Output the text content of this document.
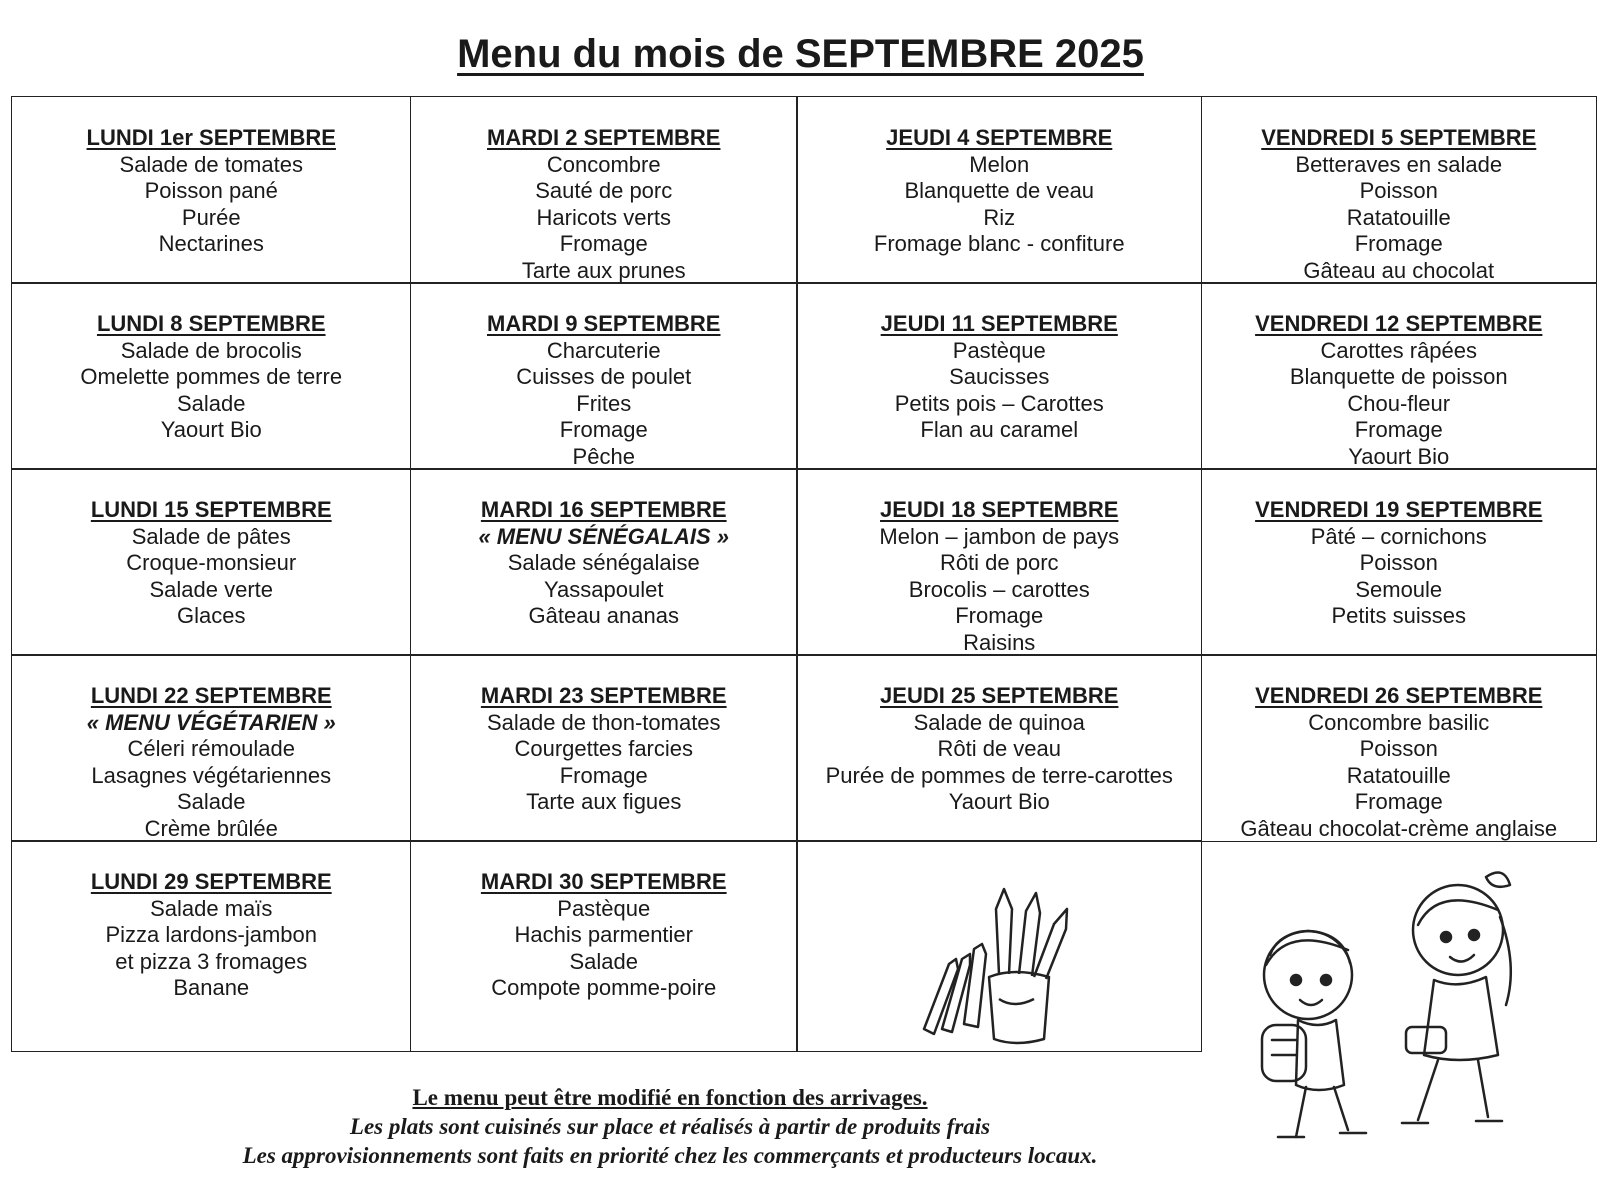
Menu du mois de SEPTEMBRE 2025
LUNDI 1er SEPTEMBRE
Salade de tomates
Poisson pané
Purée
Nectarines
MARDI 2 SEPTEMBRE
Concombre
Sauté de porc
Haricots verts
Fromage
Tarte aux prunes
JEUDI 4 SEPTEMBRE
Melon
Blanquette de veau
Riz
Fromage blanc - confiture
VENDREDI 5 SEPTEMBRE
Betteraves en salade
Poisson
Ratatouille
Fromage
Gâteau au chocolat
LUNDI 8 SEPTEMBRE
Salade de brocolis
Omelette pommes de terre
Salade
Yaourt Bio
MARDI 9 SEPTEMBRE
Charcuterie
Cuisses de poulet
Frites
Fromage
Pêche
JEUDI 11 SEPTEMBRE
Pastèque
Saucisses
Petits pois – Carottes
Flan au caramel
VENDREDI 12 SEPTEMBRE
Carottes râpées
Blanquette de poisson
Chou-fleur
Fromage
Yaourt Bio
LUNDI 15 SEPTEMBRE
Salade de pâtes
Croque-monsieur
Salade verte
Glaces
MARDI 16 SEPTEMBRE
« MENU SÉNÉGALAIS »
Salade sénégalaise
Yassapoulet
Gâteau ananas
JEUDI 18 SEPTEMBRE
Melon – jambon de pays
Rôti de porc
Brocolis – carottes
Fromage
Raisins
VENDREDI 19 SEPTEMBRE
Pâté – cornichons
Poisson
Semoule
Petits suisses
LUNDI 22 SEPTEMBRE
« MENU VÉGÉTARIEN »
Céleri rémoulade
Lasagnes végétariennes
Salade
Crème brûlée
MARDI 23 SEPTEMBRE
Salade de thon-tomates
Courgettes farcies
Fromage
Tarte aux figues
JEUDI 25 SEPTEMBRE
Salade de quinoa
Rôti de veau
Purée de pommes de terre-carottes
Yaourt Bio
VENDREDI 26 SEPTEMBRE
Concombre basilic
Poisson
Ratatouille
Fromage
Gâteau chocolat-crème anglaise
LUNDI 29 SEPTEMBRE
Salade maïs
Pizza lardons-jambon
et pizza 3 fromages
Banane
MARDI 30 SEPTEMBRE
Pastèque
Hachis parmentier
Salade
Compote pomme-poire
Le menu peut être modifié en fonction des arrivages.
Les plats sont cuisinés sur place et réalisés à partir de produits frais
Les approvisionnements sont faits en priorité chez les commerçants et producteurs locaux.
